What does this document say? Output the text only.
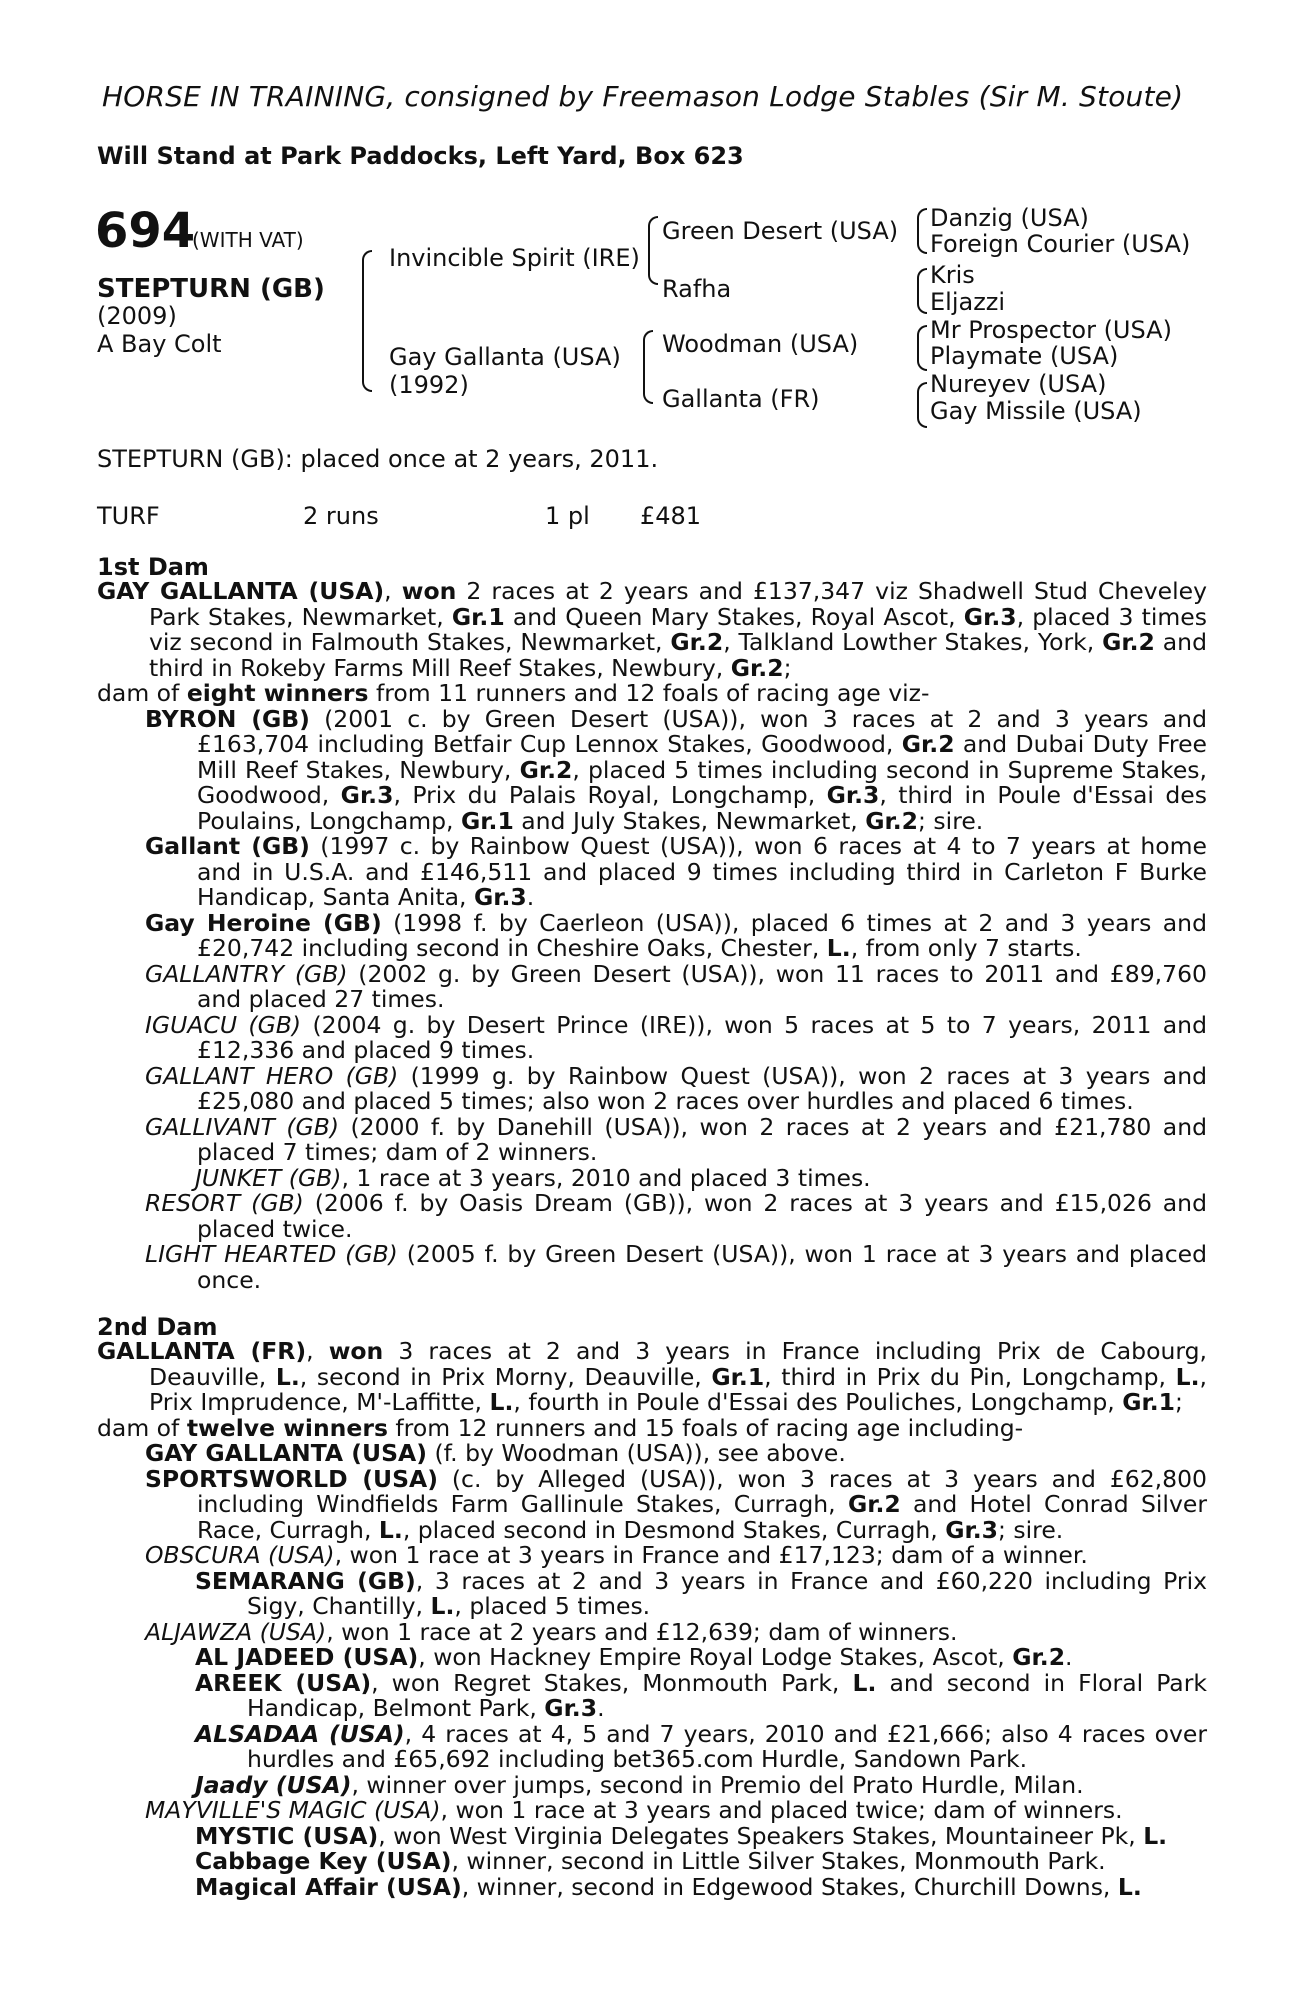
HORSE IN TRAINING, consigned by Freemason Lodge Stables (Sir M. Stoute)
Will Stand at Park Paddocks, Left Yard, Box 623
694
(WITH VAT)
STEPTURN (GB)
(2009)
A Bay Colt
Invincible Spirit (IRE)
Gay Gallanta (USA)
(1992)
Green Desert (USA)
Rafha
Woodman (USA)
Gallanta (FR)
Danzig (USA)
Foreign Courier (USA)
Kris
Eljazzi
Mr Prospector (USA)
Playmate (USA)
Nureyev (USA)
Gay Missile (USA)
STEPTURN (GB): placed once at 2 years, 2011.
TURF	2 runs	1 pl £481
1st Dam

GAY GALLANTA (USA), won 2 races at 2 years and £137,347 viz Shadwell Stud Cheveley Park Stakes, Newmarket, Gr.1 and Queen Mary Stakes, Royal Ascot, Gr.3, placed 3 times viz second in Falmouth Stakes, Newmarket, Gr.2, Talkland Lowther Stakes, York, Gr.2 and third in Rokeby Farms Mill Reef Stakes, Newbury, Gr.2;

dam of eight winners from 11 runners and 12 foals of racing age viz-

BYRON (GB) (2001 c. by Green Desert (USA)), won 3 races at 2 and 3 years and £163,704 including Betfair Cup Lennox Stakes, Goodwood, Gr.2 and Dubai Duty Free Mill Reef Stakes, Newbury, Gr.2, placed 5 times including second in Supreme Stakes, Goodwood, Gr.3, Prix du Palais Royal, Longchamp, Gr.3, third in Poule d'Essai des Poulains, Longchamp, Gr.1 and July Stakes, Newmarket, Gr.2; sire.

Gallant (GB) (1997 c. by Rainbow Quest (USA)), won 6 races at 4 to 7 years at home and in U.S.A. and £146,511 and placed 9 times including third in Carleton F Burke Handicap, Santa Anita, Gr.3.

Gay Heroine (GB) (1998 f. by Caerleon (USA)), placed 6 times at 2 and 3 years and £20,742 including second in Cheshire Oaks, Chester, L., from only 7 starts.

GALLANTRY (GB) (2002 g. by Green Desert (USA)), won 11 races to 2011 and £89,760 and placed 27 times.

IGUACU (GB) (2004 g. by Desert Prince (IRE)), won 5 races at 5 to 7 years, 2011 and £12,336 and placed 9 times.

GALLANT HERO (GB) (1999 g. by Rainbow Quest (USA)), won 2 races at 3 years and £25,080 and placed 5 times; also won 2 races over hurdles and placed 6 times.

GALLIVANT (GB) (2000 f. by Danehill (USA)), won 2 races at 2 years and £21,780 and placed 7 times; dam of 2 winners.

JUNKET (GB), 1 race at 3 years, 2010 and placed 3 times.

RESORT (GB) (2006 f. by Oasis Dream (GB)), won 2 races at 3 years and £15,026 and placed twice.

LIGHT HEARTED (GB) (2005 f. by Green Desert (USA)), won 1 race at 3 years and placed once.

2nd Dam

GALLANTA (FR), won 3 races at 2 and 3 years in France including Prix de Cabourg, Deauville, L., second in Prix Morny, Deauville, Gr.1, third in Prix du Pin, Longchamp, L., Prix Imprudence, M'-Laffitte, L., fourth in Poule d'Essai des Pouliches, Longchamp, Gr.1;

dam of twelve winners from 12 runners and 15 foals of racing age including-

GAY GALLANTA (USA) (f. by Woodman (USA)), see above.

SPORTSWORLD (USA) (c. by Alleged (USA)), won 3 races at 3 years and £62,800 including Windfields Farm Gallinule Stakes, Curragh, Gr.2 and Hotel Conrad Silver Race, Curragh, L., placed second in Desmond Stakes, Curragh, Gr.3; sire.

OBSCURA (USA), won 1 race at 3 years in France and £17,123; dam of a winner.

SEMARANG (GB), 3 races at 2 and 3 years in France and £60,220 including Prix Sigy, Chantilly, L., placed 5 times.

ALJAWZA (USA), won 1 race at 2 years and £12,639; dam of winners.

AL JADEED (USA), won Hackney Empire Royal Lodge Stakes, Ascot, Gr.2.

AREEK (USA), won Regret Stakes, Monmouth Park, L. and second in Floral Park Handicap, Belmont Park, Gr.3.

ALSADAA (USA), 4 races at 4, 5 and 7 years, 2010 and £21,666; also 4 races over hurdles and £65,692 including bet365.com Hurdle, Sandown Park.

Jaady (USA), winner over jumps, second in Premio del Prato Hurdle, Milan.

MAYVILLE'S MAGIC (USA), won 1 race at 3 years and placed twice; dam of winners.

MYSTIC (USA), won West Virginia Delegates Speakers Stakes, Mountaineer Pk, L.

Cabbage Key (USA), winner, second in Little Silver Stakes, Monmouth Park.

Magical Affair (USA), winner, second in Edgewood Stakes, Churchill Downs, L.
